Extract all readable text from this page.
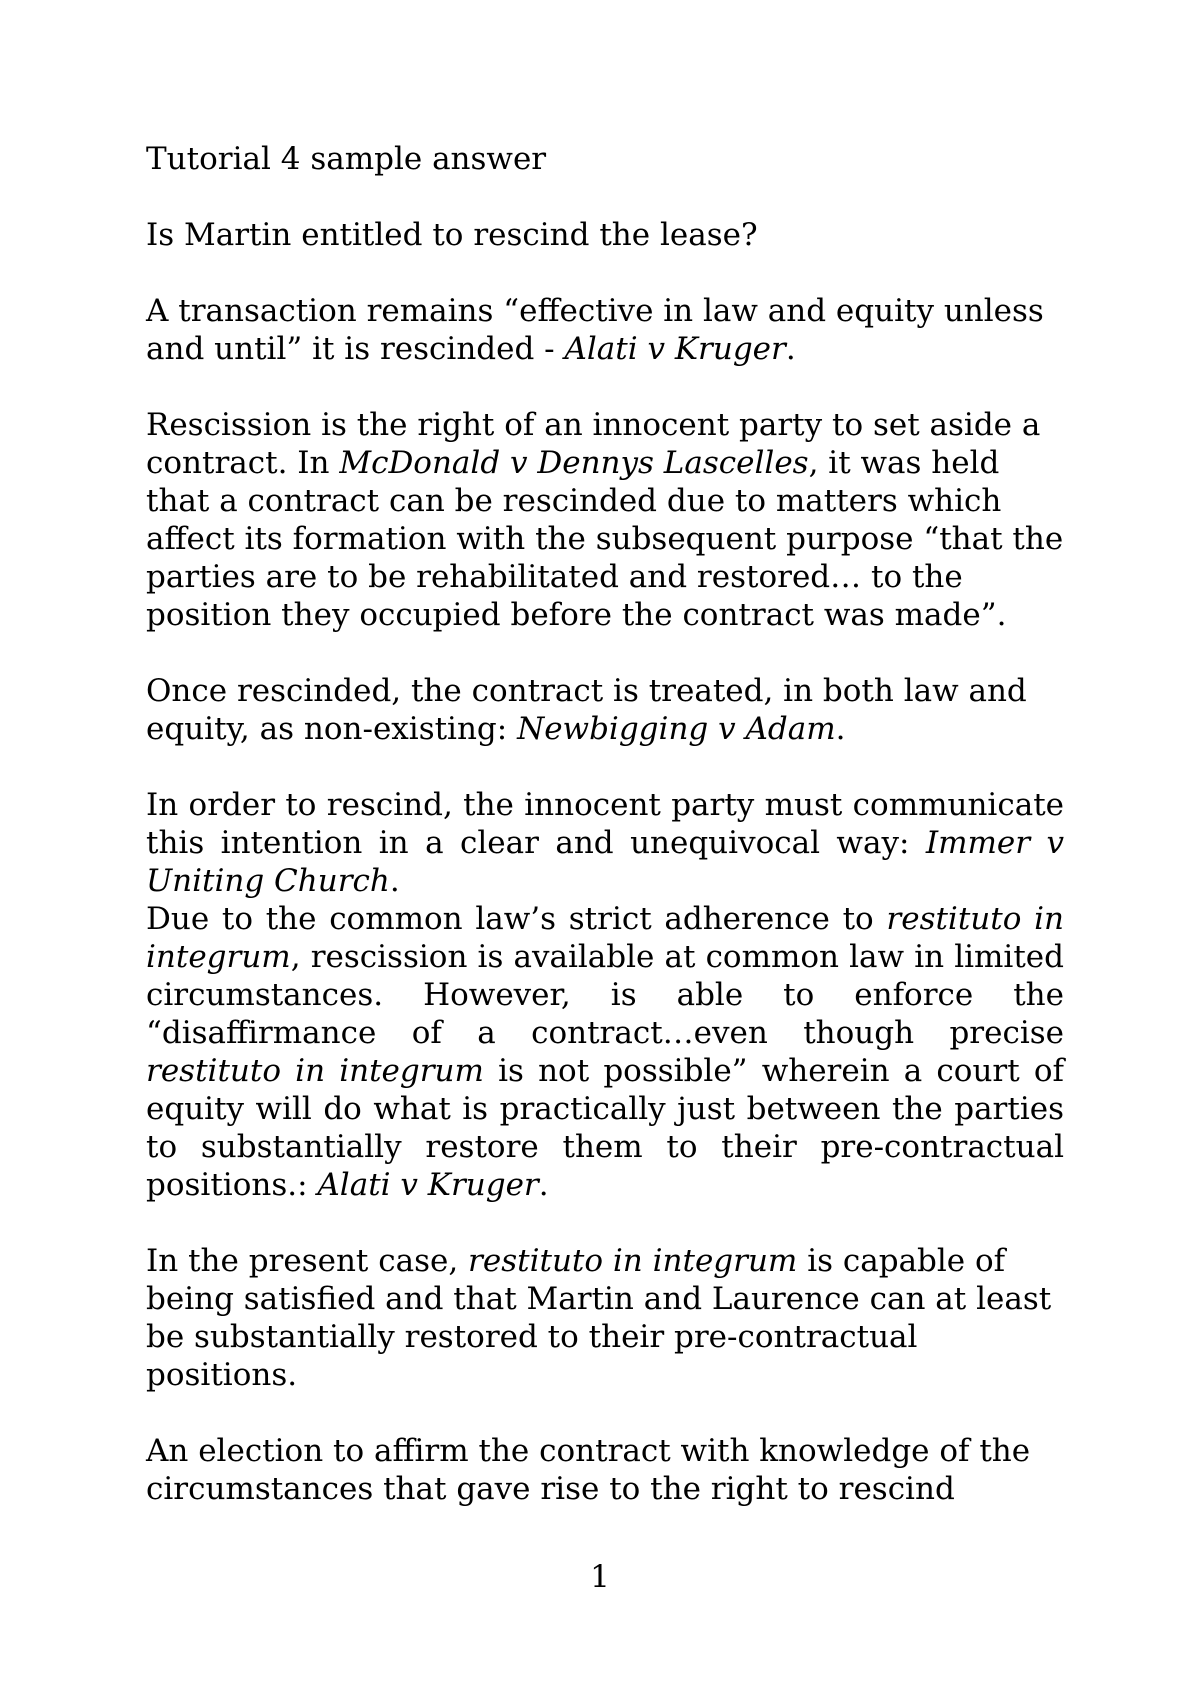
Tutorial 4 sample answer

Is Martin entitled to rescind the lease?

A transaction remains “effective in law and equity unless and until” it is rescinded - Alati v Kruger.

Rescission is the right of an innocent party to set aside a contract. In McDonald v Dennys Lascelles, it was held that a contract can be rescinded due to matters which affect its formation with the subsequent purpose “that the parties are to be rehabilitated and restored… to the position they occupied before the contract was made”.

Once rescinded, the contract is treated, in both law and equity, as non-existing: Newbigging v Adam.

In order to rescind, the innocent party must communicate this intention in a clear and unequivocal way: Immer v Uniting Church.

Due to the common law’s strict adherence to restituto in integrum, rescission is available at common law in limited circumstances. However, is able to enforce the “disaffirmance of a contract…even though precise restituto in integrum is not possible” wherein a court of equity will do what is practically just between the parties to substantially restore them to their pre-contractual positions.: Alati v Kruger.

In the present case, restituto in integrum is capable of being satisfied and that Martin and Laurence can at least be substantially restored to their pre-contractual positions.

An election to affirm the contract with knowledge of the circumstances that gave rise to the right to rescind

1
